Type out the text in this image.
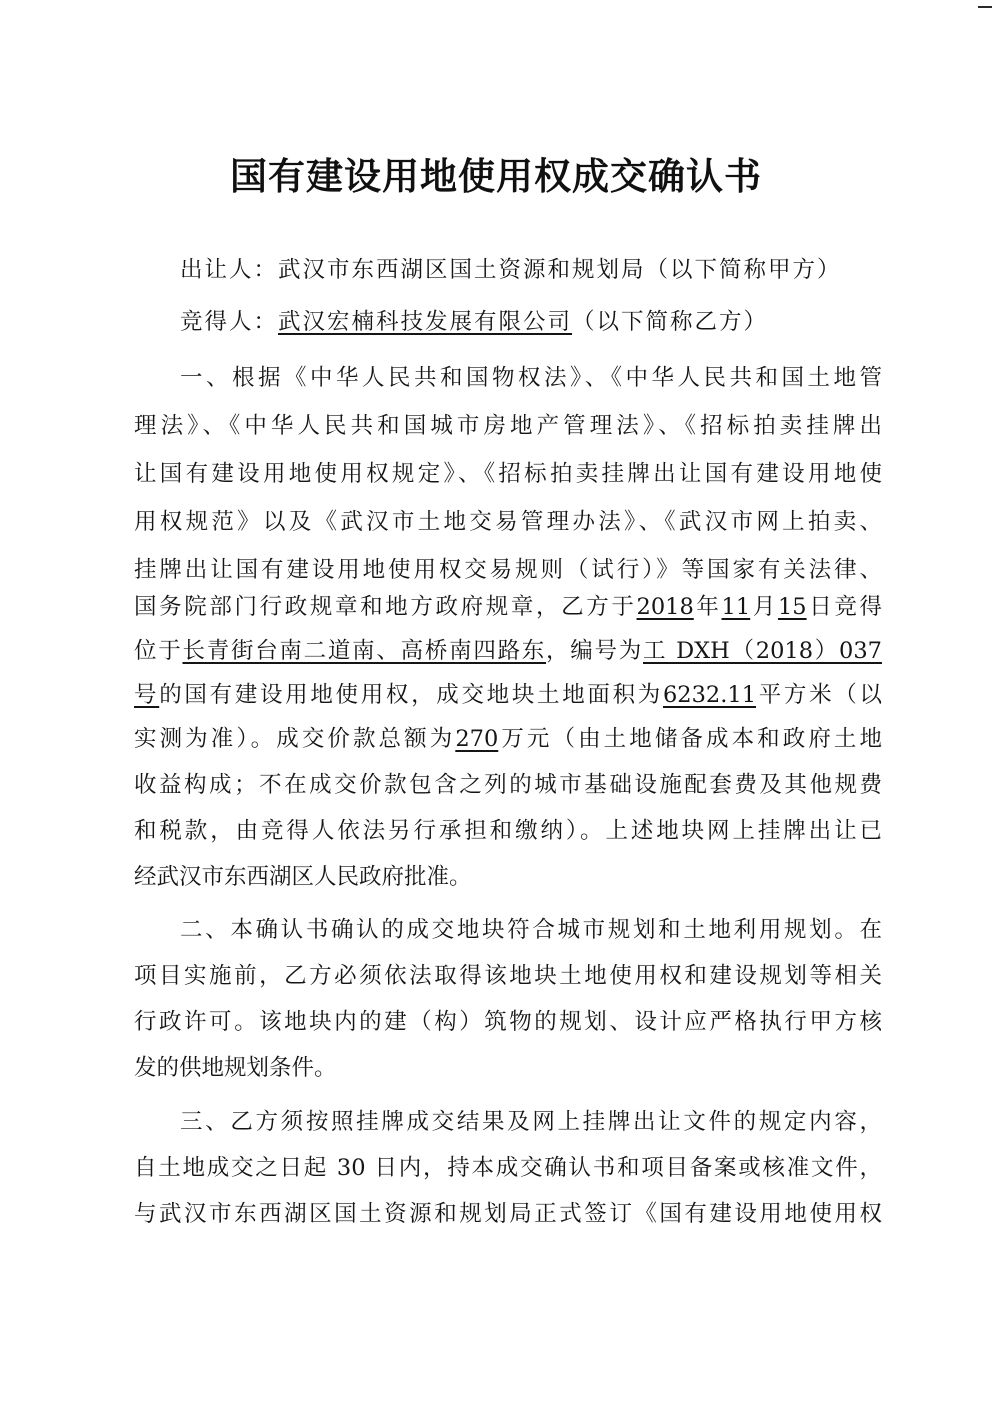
国有建设用地使用权成交确认书
出让人：武汉市东西湖区国土资源和规划局（以下简称甲方）
竞得人：武汉宏楠科技发展有限公司（以下简称乙方）
一、根据《中华人民共和国物权法》、《中华人民共和国土地管
理法》、《中华人民共和国城市房地产管理法》、《招标拍卖挂牌出
让国有建设用地使用权规定》、《招标拍卖挂牌出让国有建设用地使
用权规范》以及《武汉市土地交易管理办法》、《武汉市网上拍卖、
挂牌出让国有建设用地使用权交易规则（试行）》等国家有关法律、
国务院部门行政规章和地方政府规章，乙方于2018年11月15日竞得
位于长青街台南二道南、高桥南四路东，编号为工 DXH（2018）037
号的国有建设用地使用权，成交地块土地面积为6232.11平方米（以
实测为准）。成交价款总额为270万元（由土地储备成本和政府土地
收益构成；不在成交价款包含之列的城市基础设施配套费及其他规费
和税款，由竞得人依法另行承担和缴纳）。上述地块网上挂牌出让已
经武汉市东西湖区人民政府批准。
二、本确认书确认的成交地块符合城市规划和土地利用规划。在
项目实施前，乙方必须依法取得该地块土地使用权和建设规划等相关
行政许可。该地块内的建（构）筑物的规划、设计应严格执行甲方核
发的供地规划条件。
三、乙方须按照挂牌成交结果及网上挂牌出让文件的规定内容，
自土地成交之日起 30 日内，持本成交确认书和项目备案或核准文件，
与武汉市东西湖区国土资源和规划局正式签订《国有建设用地使用权
